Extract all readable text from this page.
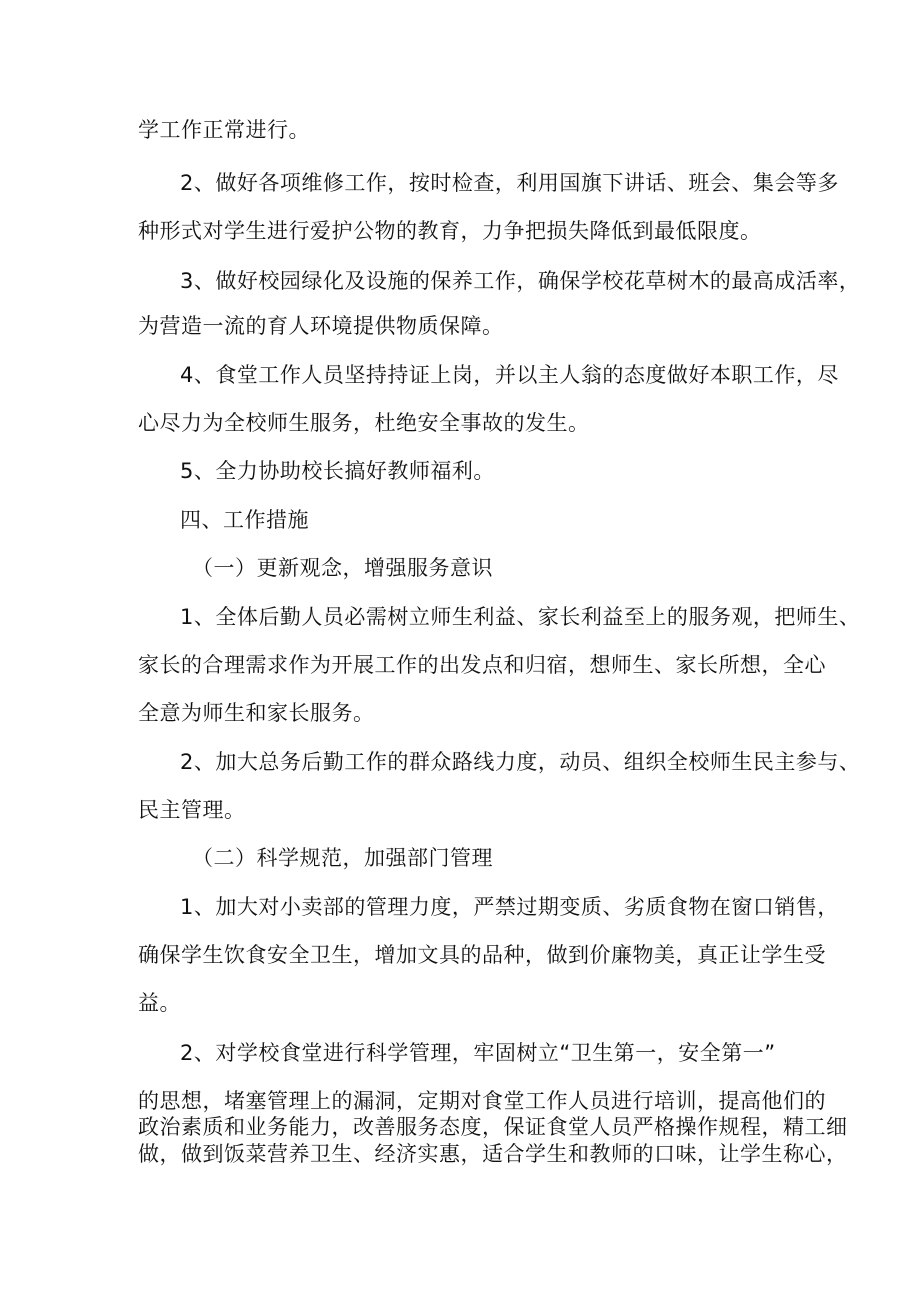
学工作正常进行。

2、做好各项维修工作，按时检查，利用国旗下讲话、班会、集会等多

种形式对学生进行爱护公物的教育，力争把损失降低到最低限度。

3、做好校园绿化及设施的保养工作，确保学校花草树木的最高成活率，

为营造一流的育人环境提供物质保障。

4、食堂工作人员坚持持证上岗，并以主人翁的态度做好本职工作，尽

心尽力为全校师生服务，杜绝安全事故的发生。

5、全力协助校长搞好教师福利。

四、工作措施

（一）更新观念，增强服务意识

1、全体后勤人员必需树立师生利益、家长利益至上的服务观，把师生、

家长的合理需求作为开展工作的出发点和归宿，想师生、家长所想，全心

全意为师生和家长服务。

2、加大总务后勤工作的群众路线力度，动员、组织全校师生民主参与、

民主管理。

（二）科学规范，加强部门管理

1、加大对小卖部的管理力度，严禁过期变质、劣质食物在窗口销售，

确保学生饮食安全卫生，增加文具的品种，做到价廉物美，真正让学生受

益。

2、对学校食堂进行科学管理，牢固树立“卫生第一，安全第一”

的思想，堵塞管理上的漏洞，定期对食堂工作人员进行培训，提高他们的

政治素质和业务能力，改善服务态度，保证食堂人员严格操作规程，精工细

做，做到饭菜营养卫生、经济实惠，适合学生和教师的口味，让学生称心，
